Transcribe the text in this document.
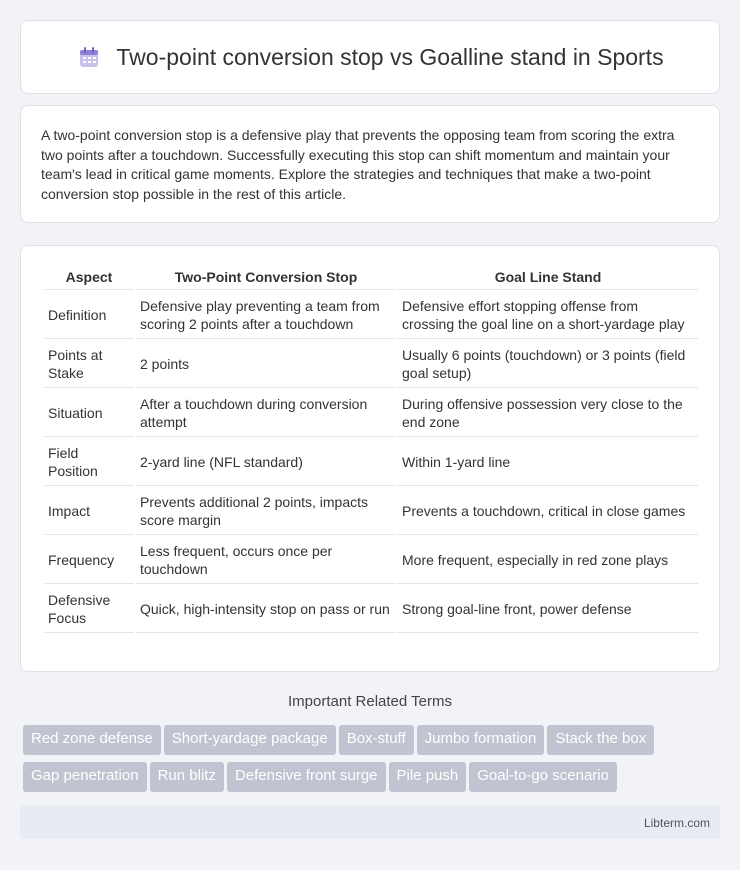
Two-point conversion stop vs Goalline stand in Sports

A two-point conversion stop is a defensive play that prevents the opposing team from scoring the extra two points after a touchdown. Successfully executing this stop can shift momentum and maintain your team's lead in critical game moments. Explore the strategies and techniques that make a two-point conversion stop possible in the rest of this article.

Aspect	Two-Point Conversion Stop	Goal Line Stand
Definition	Defensive play preventing a team from scoring 2 points after a touchdown	Defensive effort stopping offense from crossing the goal line on a short-yardage play
Points at Stake	2 points	Usually 6 points (touchdown) or 3 points (field goal setup)
Situation	After a touchdown during conversion attempt	During offensive possession very close to the end zone
Field Position	2-yard line (NFL standard)	Within 1-yard line
Impact	Prevents additional 2 points, impacts score margin	Prevents a touchdown, critical in close games
Frequency	Less frequent, occurs once per touchdown	More frequent, especially in red zone plays
Defensive Focus	Quick, high-intensity stop on pass or run	Strong goal-line front, power defense
Important Related Terms
Red zone defense Short-yardage package Box-stuff Jumbo formation Stack the box
Gap penetration Run blitz Defensive front surge Pile push Goal-to-go scenario
Libterm.com
